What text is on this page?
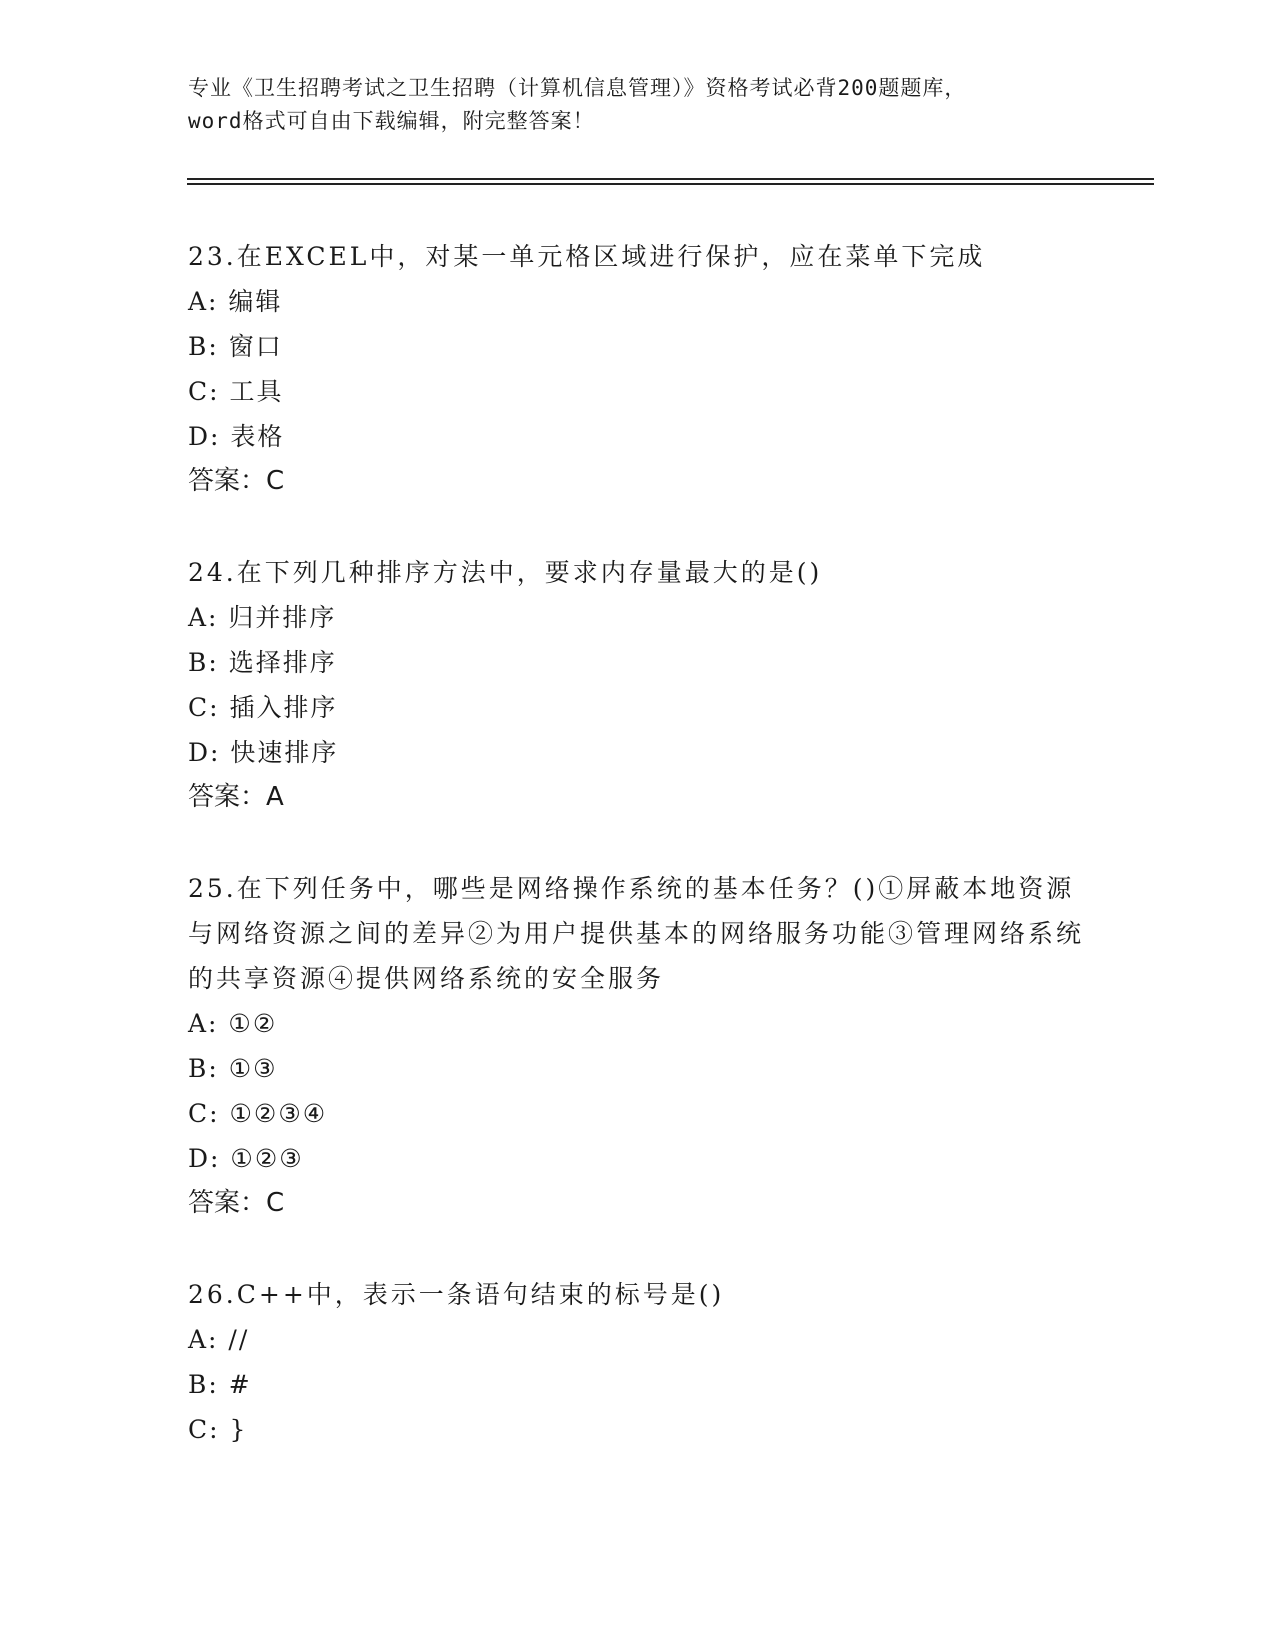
专业《卫生招聘考试之卫生招聘（计算机信息管理）》资格考试必背200题题库，
word格式可自由下载编辑，附完整答案！

23.在EXCEL中，对某一单元格区域进行保护，应在菜单下完成

A: 编辑
B: 窗口
C: 工具
D: 表格
答案：C

24.在下列几种排序方法中，要求内存量最大的是()

A: 归并排序
B: 选择排序
C: 插入排序
D: 快速排序
答案：A

25.在下列任务中，哪些是网络操作系统的基本任务？()①屏蔽本地资源与网络资源之间的差异②为用户提供基本的网络服务功能③管理网络系统的共享资源④提供网络系统的安全服务

A: ①②
B: ①③
C: ①②③④
D: ①②③
答案：C

26.C++中，表示一条语句结束的标号是()

A: //
B: #
C: }
